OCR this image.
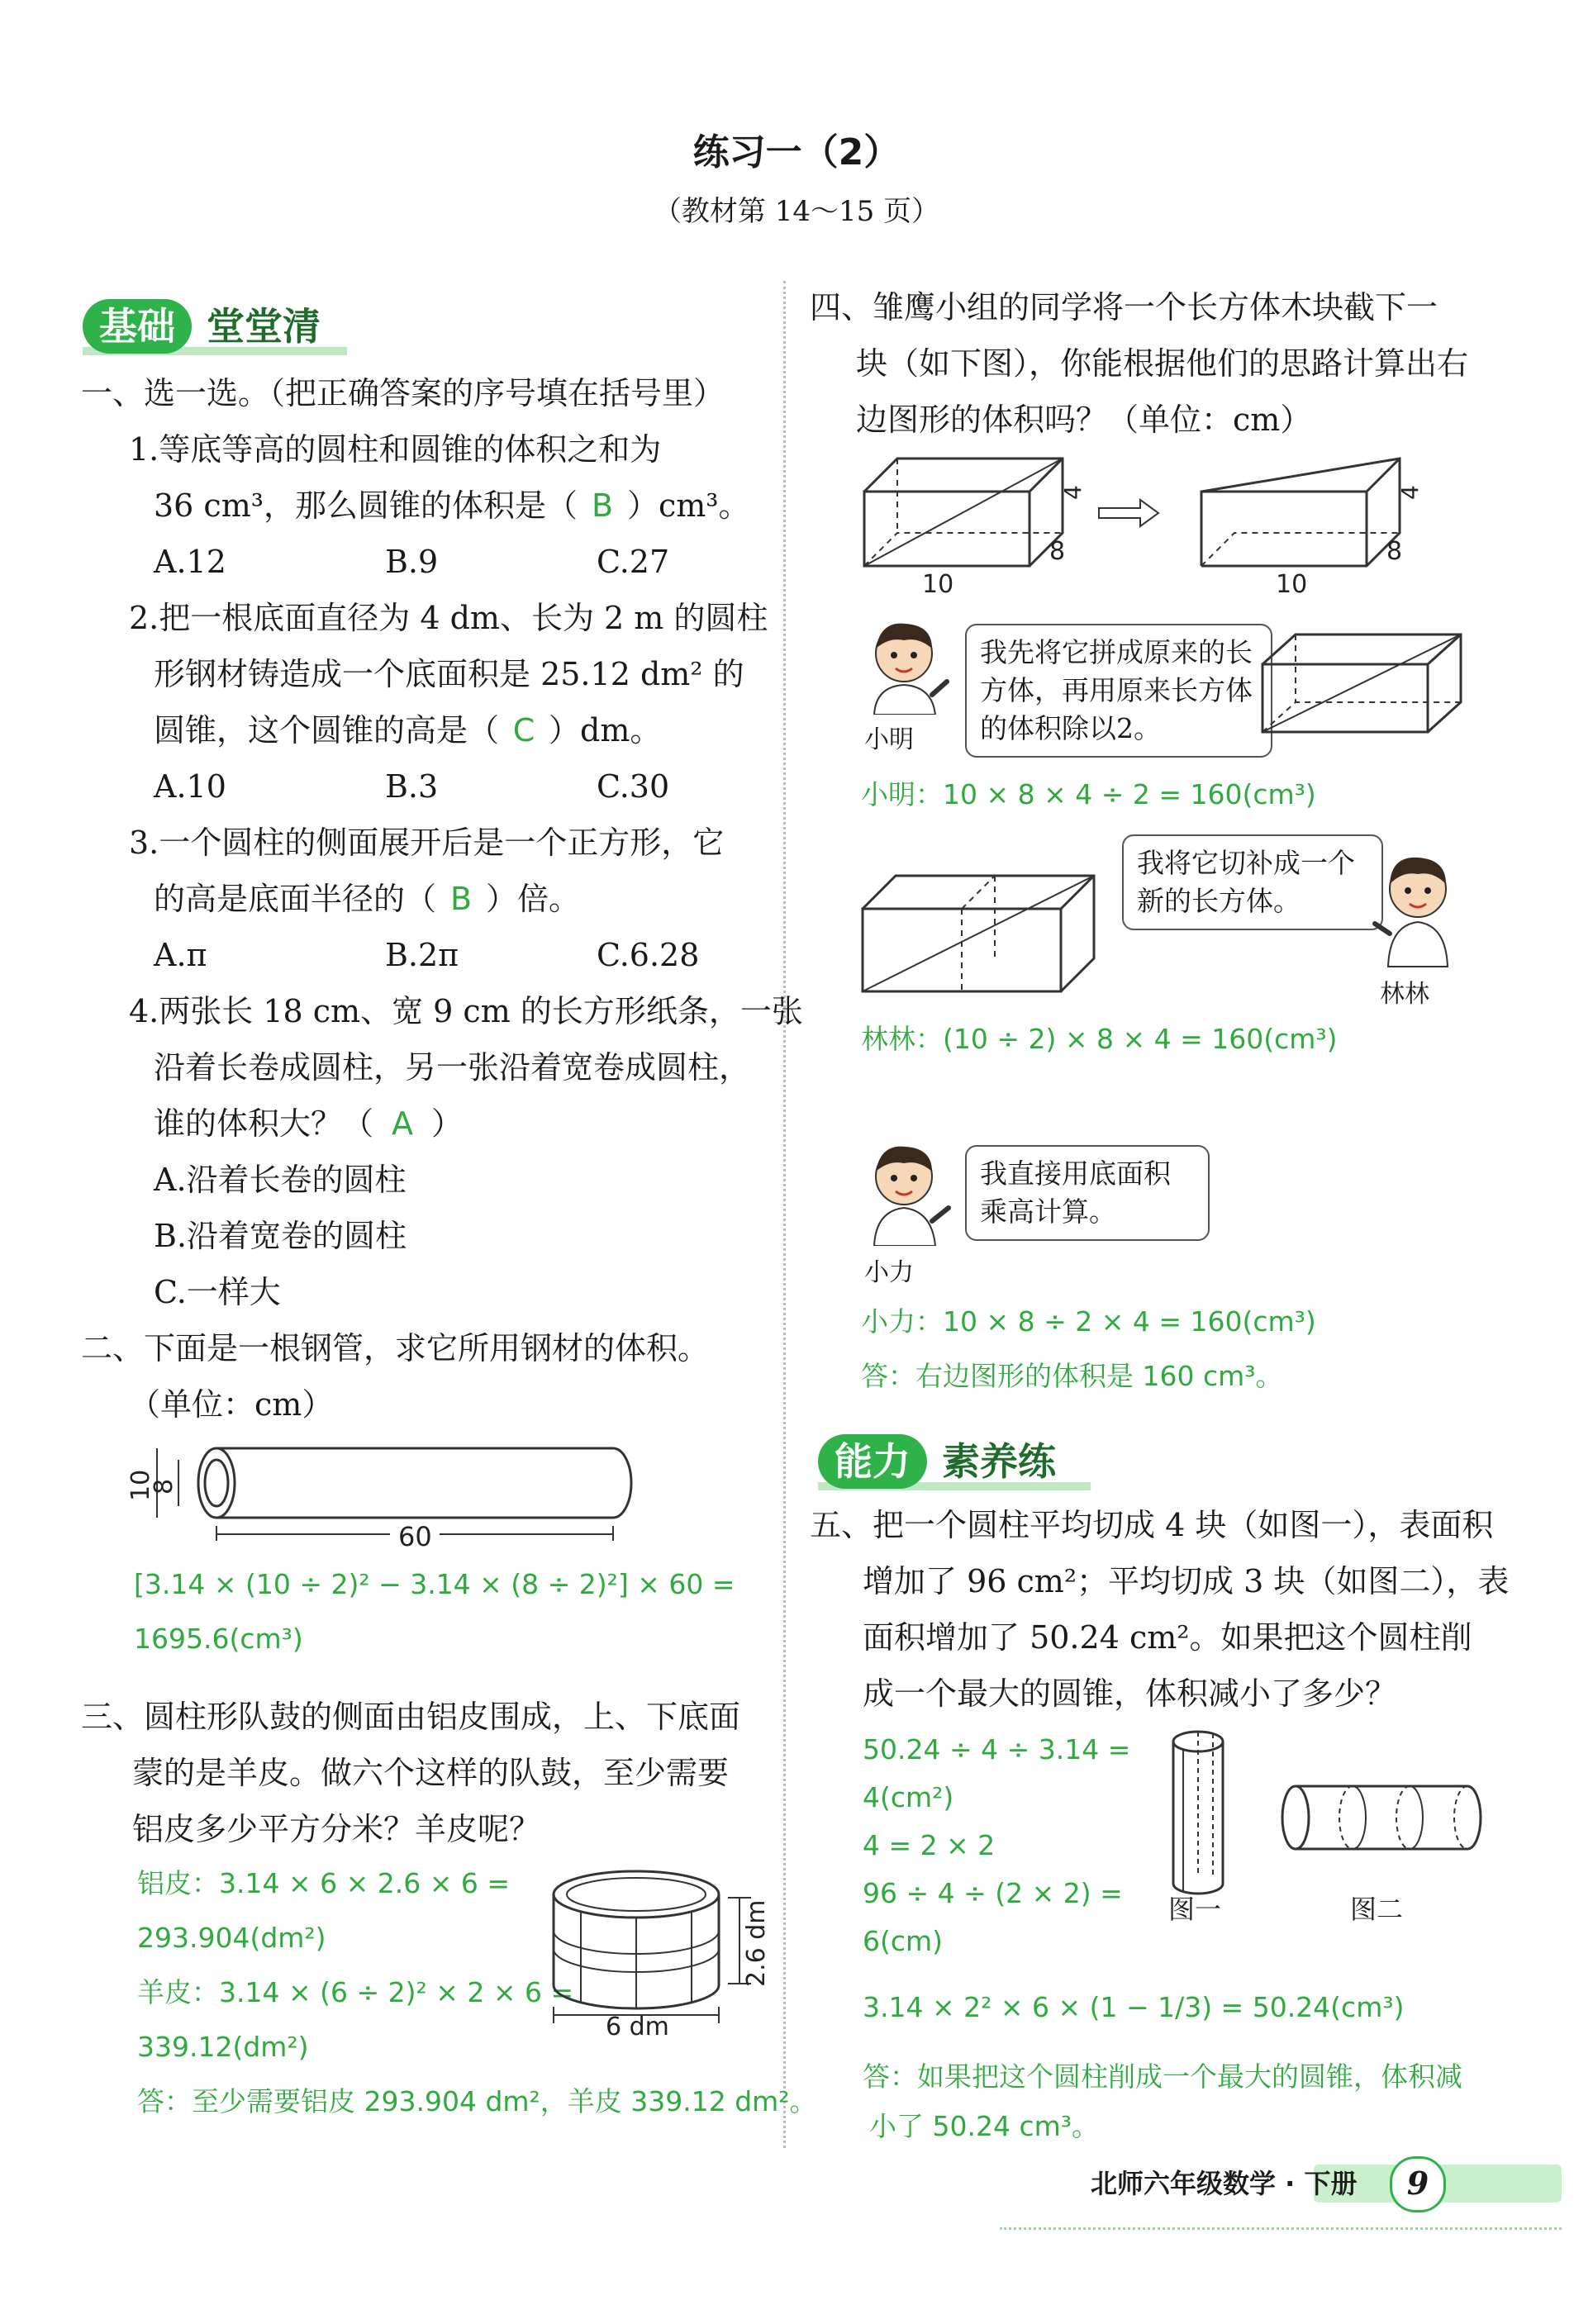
练习一（2）
（教材第 14～15 页）
基础 堂堂清
一、选一选。（把正确答案的序号填在括号里）
1.等底等高的圆柱和圆锥的体积之和为
36 cm³，那么圆锥的体积是（ B ）cm³。
A.12	B.9	C.27
2.把一根底面直径为 4 dm、长为 2 m 的圆柱
形钢材铸造成一个底面积是 25.12 dm² 的
圆锥，这个圆锥的高是（ C ）dm。
A.10	B.3	C.30
3.一个圆柱的侧面展开后是一个正方形，它
的高是底面半径的（ B ）倍。
A.π	B.2π	C.6.28
4.两张长 18 cm、宽 9 cm 的长方形纸条，一张
沿着长卷成圆柱，另一张沿着宽卷成圆柱，
谁的体积大？（ A ）
A.沿着长卷的圆柱
B.沿着宽卷的圆柱
C.一样大
二、下面是一根钢管，求它所用钢材的体积。
（单位：cm）
10
8
60
[3.14 × (10 ÷ 2)² − 3.14 × (8 ÷ 2)²] × 60 =
1695.6(cm³)
三、圆柱形队鼓的侧面由铝皮围成，上、下底面
蒙的是羊皮。做六个这样的队鼓，至少需要
铝皮多少平方分米？羊皮呢？
铝皮：3.14 × 6 × 2.6 × 6 =
293.904(dm²)
羊皮：3.14 × (6 ÷ 2)² × 2 × 6 =
339.12(dm²)
答：至少需要铝皮 293.904 dm²，羊皮 339.12 dm²。
2.6 dm
6 dm
四、雏鹰小组的同学将一个长方体木块截下一
块（如下图），你能根据他们的思路计算出右
边图形的体积吗？（单位：cm）
4
8
10
4
8
10
小明
我先将它拼成原来的长方体，再用原来长方体的体积除以2。
小明：10 × 8 × 4 ÷ 2 = 160(cm³)
我将它切补成一个新的长方体。
林林
林林：(10 ÷ 2) × 8 × 4 = 160(cm³)
小力
我直接用底面积乘高计算。
小力：10 × 8 ÷ 2 × 4 = 160(cm³)
答：右边图形的体积是 160 cm³。
能力 素养练
五、把一个圆柱平均切成 4 块（如图一），表面积
增加了 96 cm²；平均切成 3 块（如图二），表
面积增加了 50.24 cm²。如果把这个圆柱削
成一个最大的圆锥，体积减小了多少？
50.24 ÷ 4 ÷ 3.14 =
4(cm²)
4 = 2 × 2
96 ÷ 4 ÷ (2 × 2) =
6(cm)
图一	图二
3.14 × 2² × 6 × (1 − 1/3) = 50.24(cm³)
答：如果把这个圆柱削成一个最大的圆锥，体积减
小了 50.24 cm³。
北师六年级数学 · 下册	9
